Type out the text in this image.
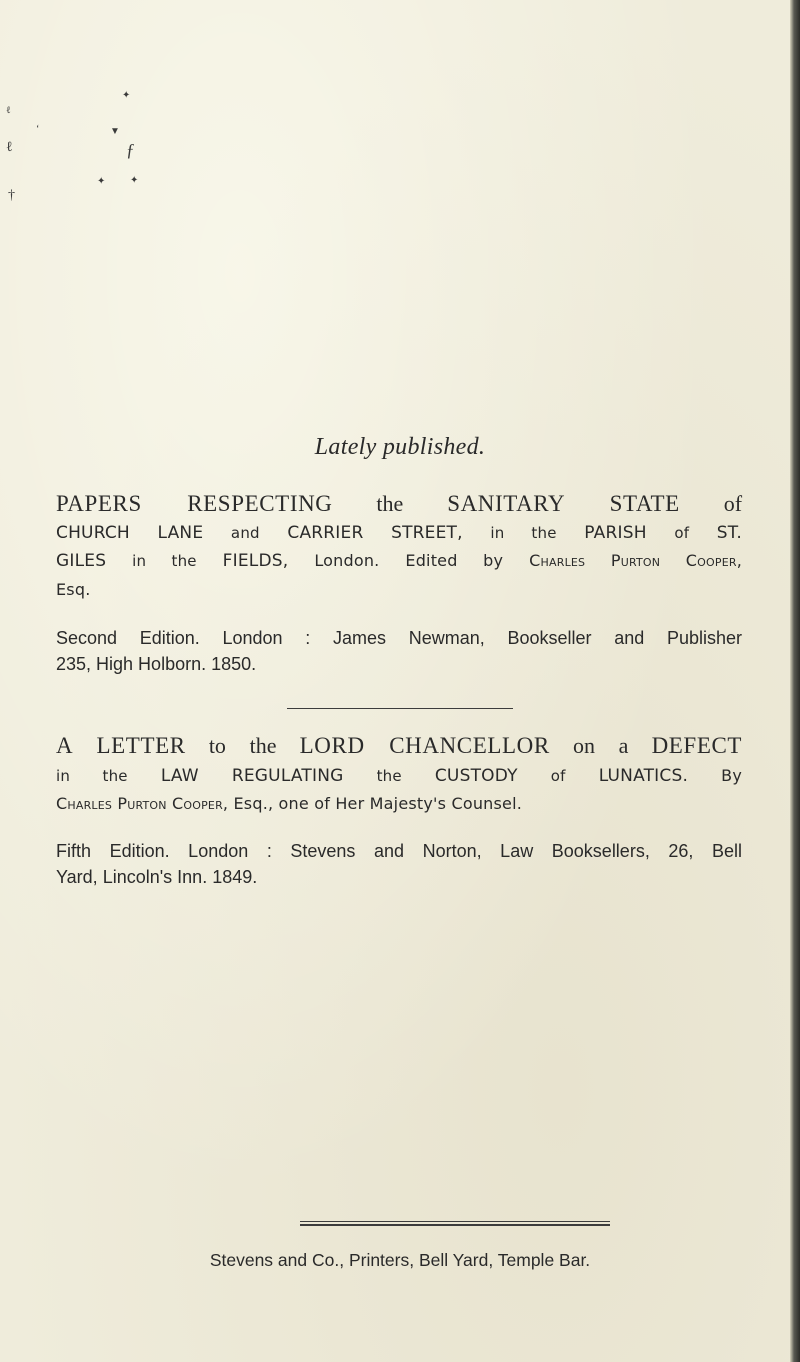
✦
▼
ƒ
✦ ✦
ℓ
ℓ
†
‘
Lately published.
PAPERS RESPECTING the SANITARY STATE of
CHURCH LANE and CARRIER STREET, in the PARISH of ST.
GILES in the FIELDS, London. Edited by Charles Purton Cooper,
Esq.
Second Edition. London : James Newman, Bookseller and Publisher
235, High Holborn. 1850.
A LETTER to the LORD CHANCELLOR on a DEFECT
in the LAW REGULATING the CUSTODY of LUNATICS. By
Charles Purton Cooper, Esq., one of Her Majesty's Counsel.
Fifth Edition. London : Stevens and Norton, Law Booksellers, 26, Bell
Yard, Lincoln's Inn. 1849.
Stevens and Co., Printers, Bell Yard, Temple Bar.
